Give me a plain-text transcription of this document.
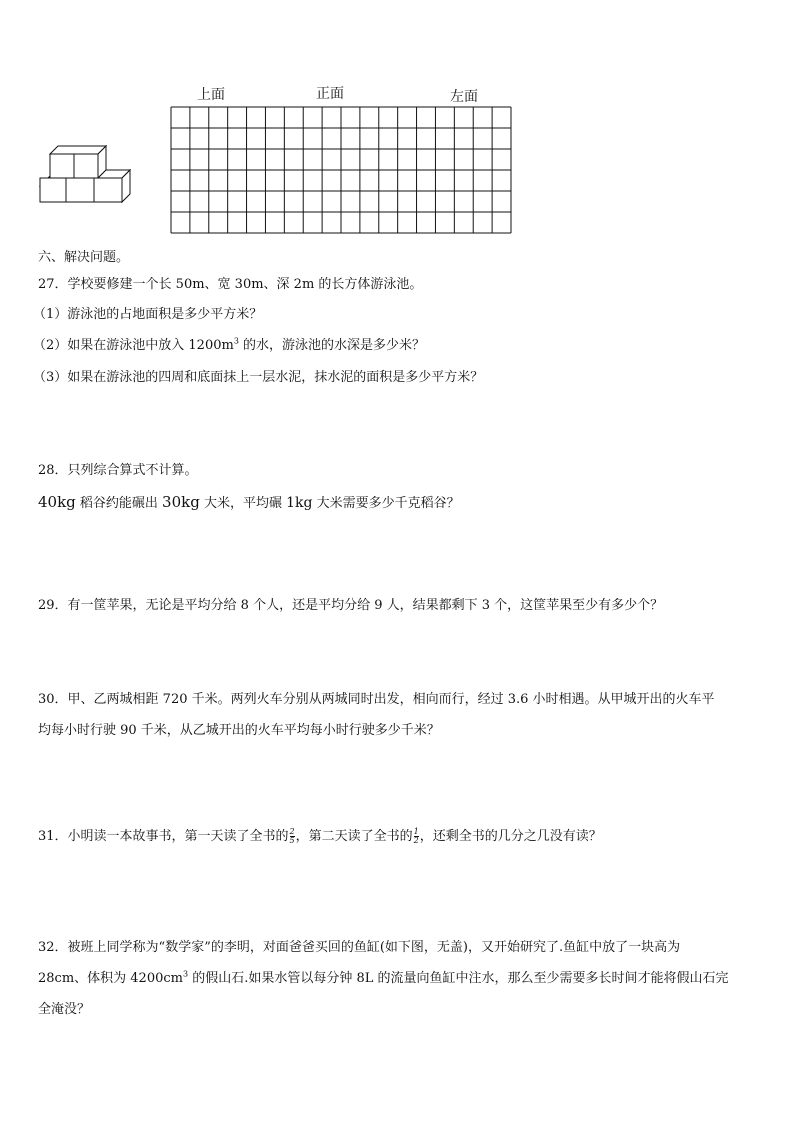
上面	正面	左面
六、解决问题。
27．学校要修建一个长 50m、宽 30m、深 2m 的长方体游泳池。
（1）游泳池的占地面积是多少平方米？
（2）如果在游泳池中放入 $1200m^3$ 的水，游泳池的水深是多少米？
（3）如果在游泳池的四周和底面抹上一层水泥，抹水泥的面积是多少平方米？
28．只列综合算式不计算。
40kg 稻谷约能碾出 30kg 大米，平均碾 1kg 大米需要多少千克稻谷？
29．有一筐苹果，无论是平均分给 8 个人，还是平均分给 9 人，结果都剩下 3 个，这筐苹果至少有多少个？
30．甲、乙两城相距 720 千米。两列火车分别从两城同时出发，相向而行，经过 3.6 小时相遇。从甲城开出的火车平
均每小时行驶 90 千米，从乙城开出的火车平均每小时行驶多少千米？
31．小明读一本故事书，第一天读了全书的 $\frac{2}{5}$ ，第二天读了全书的 $\frac{1}{2}$ ，还剩全书的几分之几没有读？
32．被班上同学称为“数学家”的李明，对面爸爸买回的鱼缸(如下图，无盖)，又开始研究了.鱼缸中放了一块高为
28cm、体积为 $4200cm^3$ 的假山石.如果水管以每分钟 8L 的流量向鱼缸中注水，那么至少需要多长时间才能将假山石完
全淹没？
